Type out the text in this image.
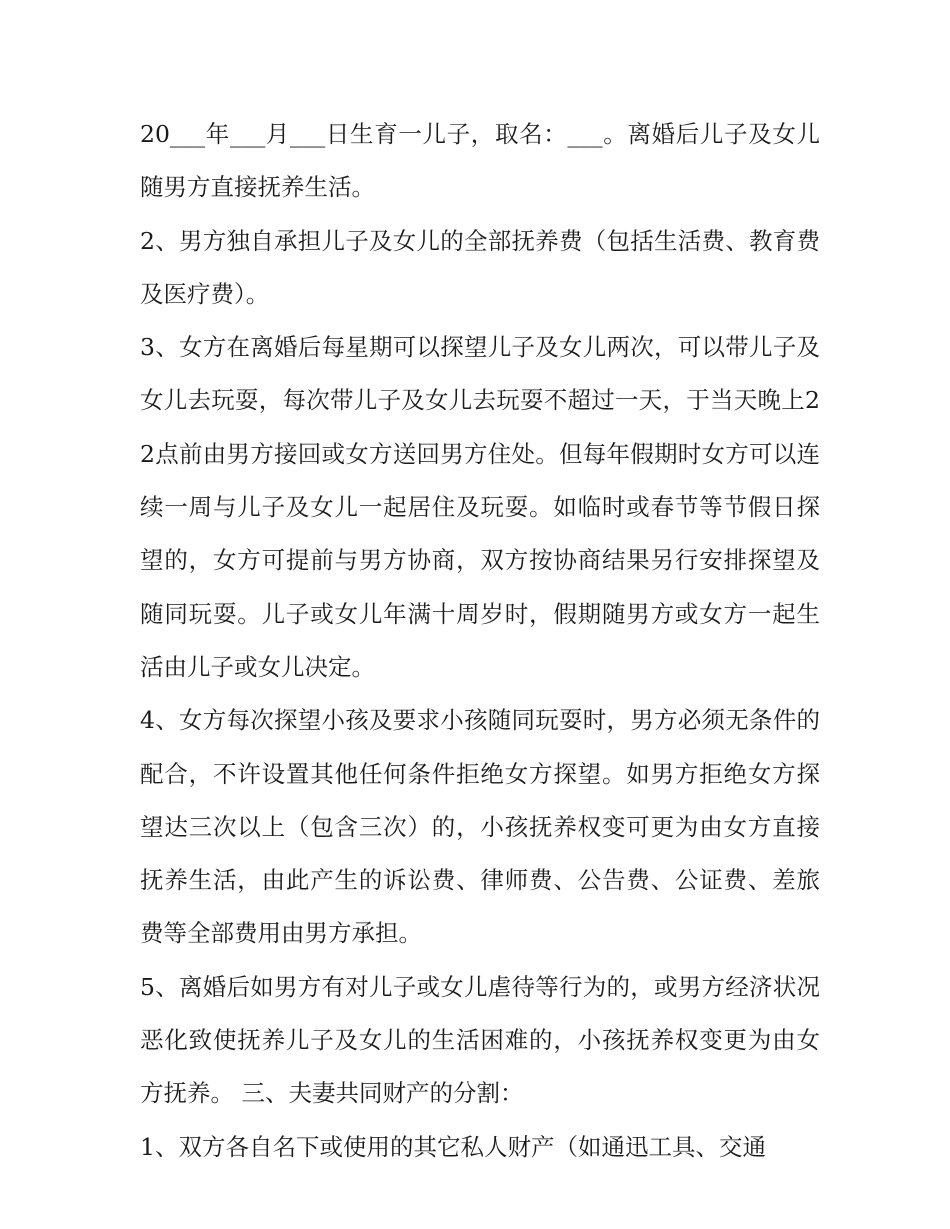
20___年___月___日生育一儿子，取名：___。离婚后儿子及女儿随男方直接抚养生活。

2、男方独自承担儿子及女儿的全部抚养费（包括生活费、教育费及医疗费）。

3、女方在离婚后每星期可以探望儿子及女儿两次，可以带儿子及女儿去玩耍，每次带儿子及女儿去玩耍不超过一天，于当天晚上22点前由男方接回或女方送回男方住处。但每年假期时女方可以连续一周与儿子及女儿一起居住及玩耍。如临时或春节等节假日探望的，女方可提前与男方协商，双方按协商结果另行安排探望及随同玩耍。儿子或女儿年满十周岁时，假期随男方或女方一起生活由儿子或女儿决定。

4、女方每次探望小孩及要求小孩随同玩耍时，男方必须无条件的配合，不许设置其他任何条件拒绝女方探望。如男方拒绝女方探望达三次以上（包含三次）的，小孩抚养权变可更为由女方直接抚养生活，由此产生的诉讼费、律师费、公告费、公证费、差旅费等全部费用由男方承担。

5、离婚后如男方有对儿子或女儿虐待等行为的，或男方经济状况恶化致使抚养儿子及女儿的生活困难的，小孩抚养权变更为由女方抚养。 三、夫妻共同财产的分割：

1、双方各自名下或使用的其它私人财产（如通迅工具、交通
